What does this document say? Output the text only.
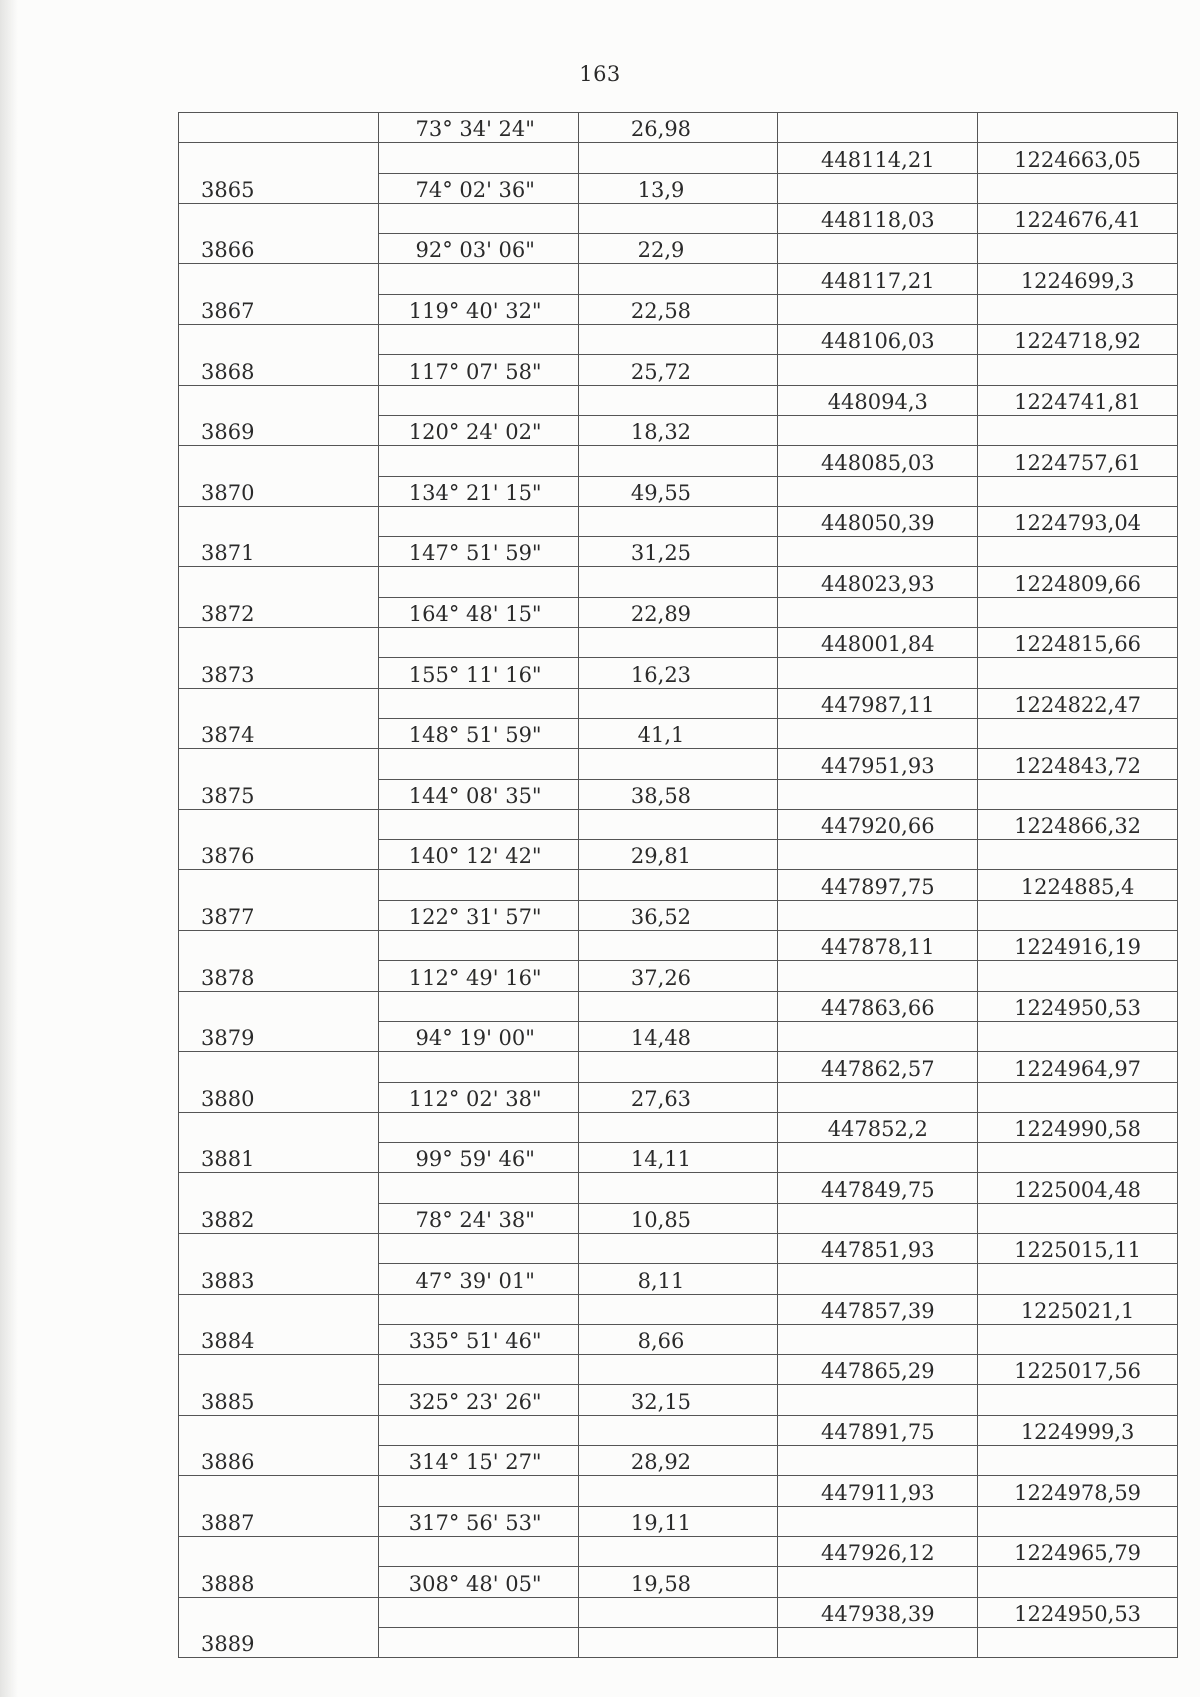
163
	73° 34' 24"	26,98		
3865			448114,21	1224663,05
	74° 02' 36"	13,9		
3866			448118,03	1224676,41
	92° 03' 06"	22,9		
3867			448117,21	1224699,3
	119° 40' 32"	22,58		
3868			448106,03	1224718,92
	117° 07' 58"	25,72		
3869			448094,3	1224741,81
	120° 24' 02"	18,32		
3870			448085,03	1224757,61
	134° 21' 15"	49,55		
3871			448050,39	1224793,04
	147° 51' 59"	31,25		
3872			448023,93	1224809,66
	164° 48' 15"	22,89		
3873			448001,84	1224815,66
	155° 11' 16"	16,23		
3874			447987,11	1224822,47
	148° 51' 59"	41,1		
3875			447951,93	1224843,72
	144° 08' 35"	38,58		
3876			447920,66	1224866,32
	140° 12' 42"	29,81		
3877			447897,75	1224885,4
	122° 31' 57"	36,52		
3878			447878,11	1224916,19
	112° 49' 16"	37,26		
3879			447863,66	1224950,53
	94° 19' 00"	14,48		
3880			447862,57	1224964,97
	112° 02' 38"	27,63		
3881			447852,2	1224990,58
	99° 59' 46"	14,11		
3882			447849,75	1225004,48
	78° 24' 38"	10,85		
3883			447851,93	1225015,11
	47° 39' 01"	8,11		
3884			447857,39	1225021,1
	335° 51' 46"	8,66		
3885			447865,29	1225017,56
	325° 23' 26"	32,15		
3886			447891,75	1224999,3
	314° 15' 27"	28,92		
3887			447911,93	1224978,59
	317° 56' 53"	19,11		
3888			447926,12	1224965,79
	308° 48' 05"	19,58		
3889			447938,39	1224950,53
